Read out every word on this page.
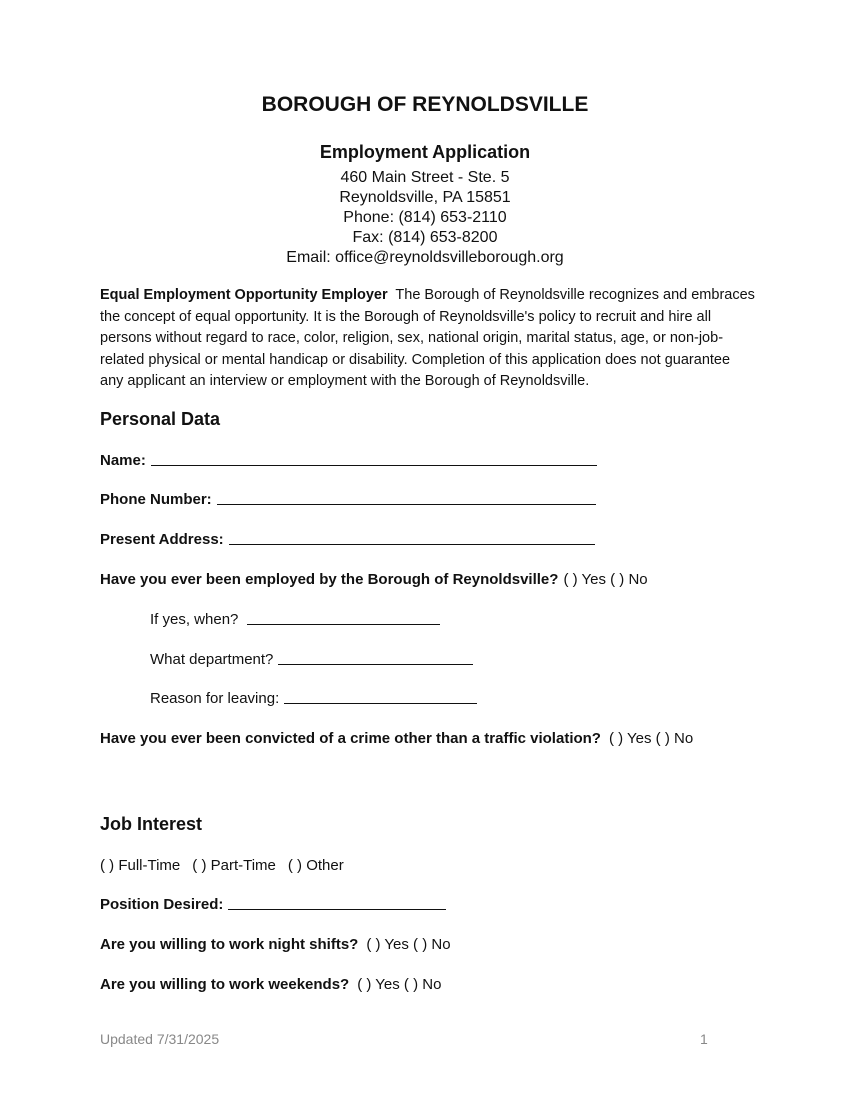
BOROUGH OF REYNOLDSVILLE
Employment Application
460 Main Street - Ste. 5
Reynoldsville, PA 15851
Phone: (814) 653-2110
Fax: (814) 653-8200
Email: office@reynoldsvilleborough.org
Equal Employment Opportunity Employer The Borough of Reynoldsville recognizes and embraces the concept of equal opportunity. It is the Borough of Reynoldsville's policy to recruit and hire all persons without regard to race, color, religion, sex, national origin, marital status, age, or non-job-related physical or mental handicap or disability. Completion of this application does not guarantee any applicant an interview or employment with the Borough of Reynoldsville.
Personal Data
Name:
Phone Number:
Present Address:
Have you ever been employed by the Borough of Reynoldsville? ( ) Yes ( ) No
If yes, when?
What department?
Reason for leaving:
Have you ever been convicted of a crime other than a traffic violation? ( ) Yes ( ) No
Job Interest
( ) Full-Time ( ) Part-Time ( ) Other
Position Desired:
Are you willing to work night shifts? ( ) Yes ( ) No
Are you willing to work weekends? ( ) Yes ( ) No
Updated 7/31/2025	1
